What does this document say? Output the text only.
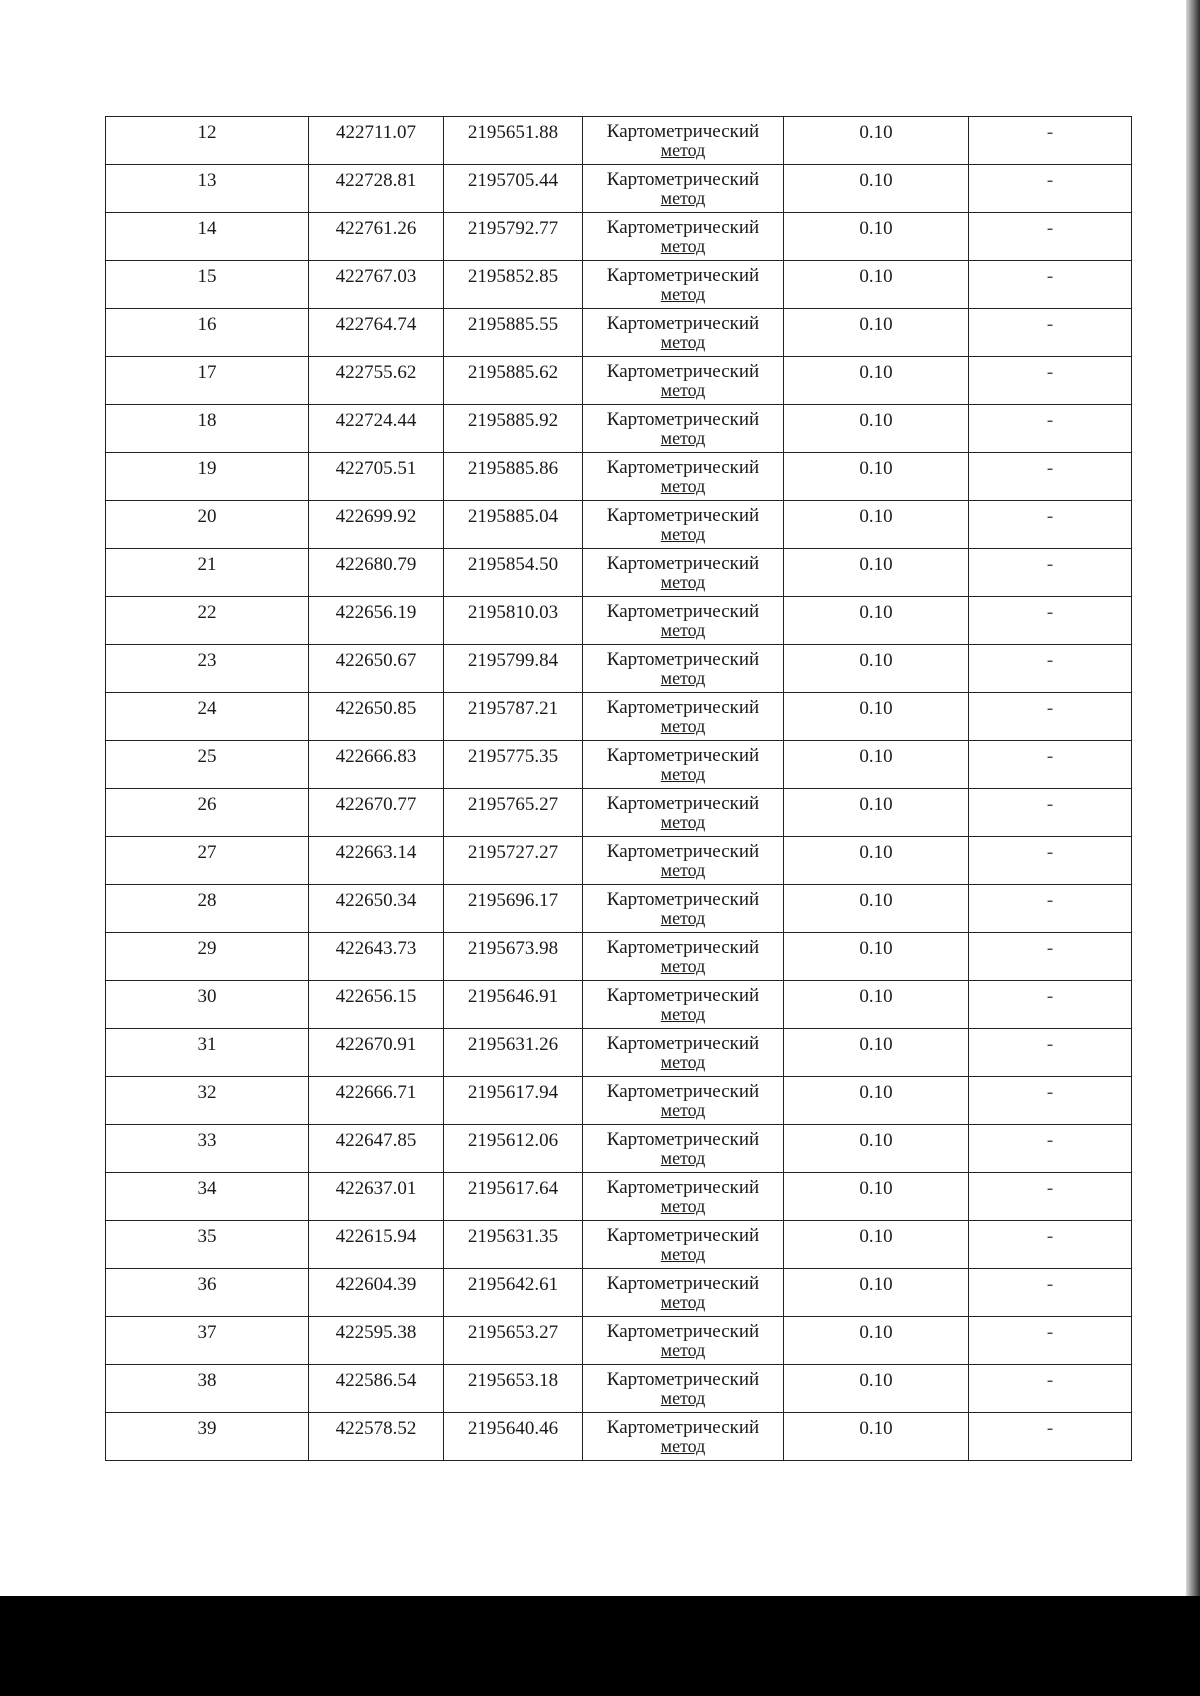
12	422711.07	2195651.88	Картометрический
метод	0.10	-

13	422728.81	2195705.44	Картометрический
метод	0.10	-

14	422761.26	2195792.77	Картометрический
метод	0.10	-

15	422767.03	2195852.85	Картометрический
метод	0.10	-

16	422764.74	2195885.55	Картометрический
метод	0.10	-

17	422755.62	2195885.62	Картометрический
метод	0.10	-

18	422724.44	2195885.92	Картометрический
метод	0.10	-

19	422705.51	2195885.86	Картометрический
метод	0.10	-

20	422699.92	2195885.04	Картометрический
метод	0.10	-

21	422680.79	2195854.50	Картометрический
метод	0.10	-

22	422656.19	2195810.03	Картометрический
метод	0.10	-

23	422650.67	2195799.84	Картометрический
метод	0.10	-

24	422650.85	2195787.21	Картометрический
метод	0.10	-

25	422666.83	2195775.35	Картометрический
метод	0.10	-

26	422670.77	2195765.27	Картометрический
метод	0.10	-

27	422663.14	2195727.27	Картометрический
метод	0.10	-

28	422650.34	2195696.17	Картометрический
метод	0.10	-

29	422643.73	2195673.98	Картометрический
метод	0.10	-

30	422656.15	2195646.91	Картометрический
метод	0.10	-

31	422670.91	2195631.26	Картометрический
метод	0.10	-

32	422666.71	2195617.94	Картометрический
метод	0.10	-

33	422647.85	2195612.06	Картометрический
метод	0.10	-

34	422637.01	2195617.64	Картометрический
метод	0.10	-

35	422615.94	2195631.35	Картометрический
метод	0.10	-

36	422604.39	2195642.61	Картометрический
метод	0.10	-

37	422595.38	2195653.27	Картометрический
метод	0.10	-

38	422586.54	2195653.18	Картометрический
метод	0.10	-

39	422578.52	2195640.46	Картометрический
метод	0.10	-
